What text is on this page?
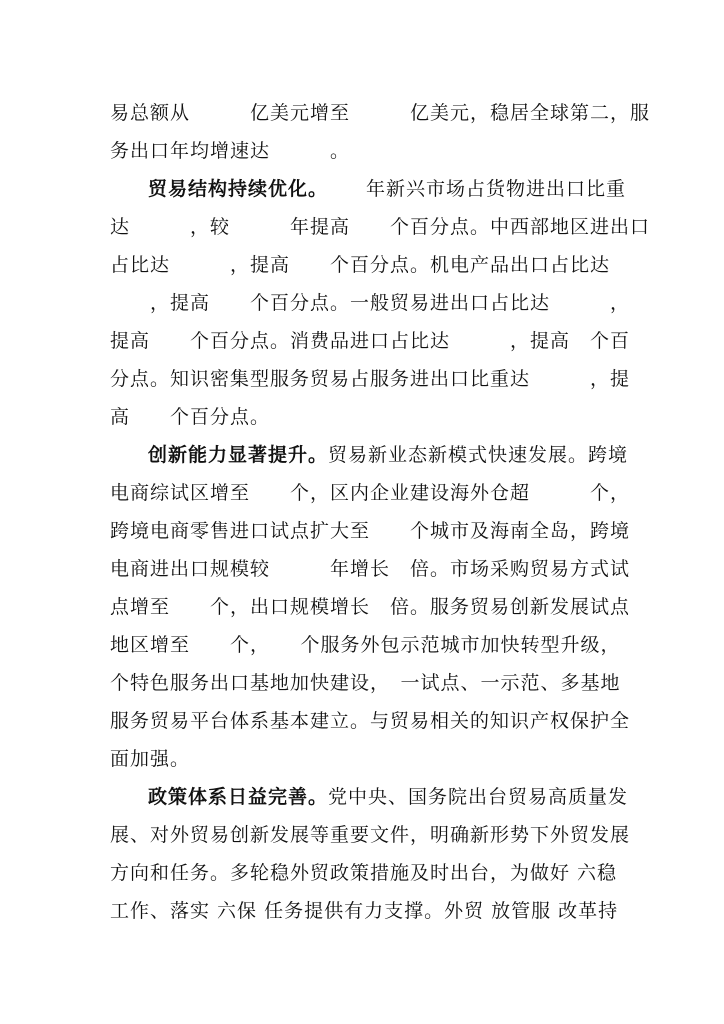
易总额从　　　亿美元增至　　　亿美元，稳居全球第二，服
务出口年均增速达　　　。
贸易结构持续优化。 年新兴市场占货物进出口比重
达　　　，较　　　年提高　　个百分点。中西部地区进出口
占比达　　　，提高　　个百分点。机电产品出口占比达
　　，提高　　个百分点。一般贸易进出口占比达　　　，
提高　　个百分点。消费品进口占比达　　　，提高　个百
分点。知识密集型服务贸易占服务进出口比重达　　　，提
高　　个百分点。
创新能力显著提升。贸易新业态新模式快速发展。跨境
电商综试区增至　　个，区内企业建设海外仓超　　　个，
跨境电商零售进口试点扩大至　　个城市及海南全岛，跨境
电商进出口规模较　　　年增长　倍。市场采购贸易方式试
点增至　　个，出口规模增长　倍。服务贸易创新发展试点
地区增至　　个，　　个服务外包示范城市加快转型升级，
个特色服务出口基地加快建设，　一试点、一示范、多基地
服务贸易平台体系基本建立。与贸易相关的知识产权保护全
面加强。
政策体系日益完善。党中央、国务院出台贸易高质量发
展、对外贸易创新发展等重要文件，明确新形势下外贸发展
方向和任务。多轮稳外贸政策措施及时出台，为做好 六稳
工作、落实 六保 任务提供有力支撑。外贸 放管服 改革持
